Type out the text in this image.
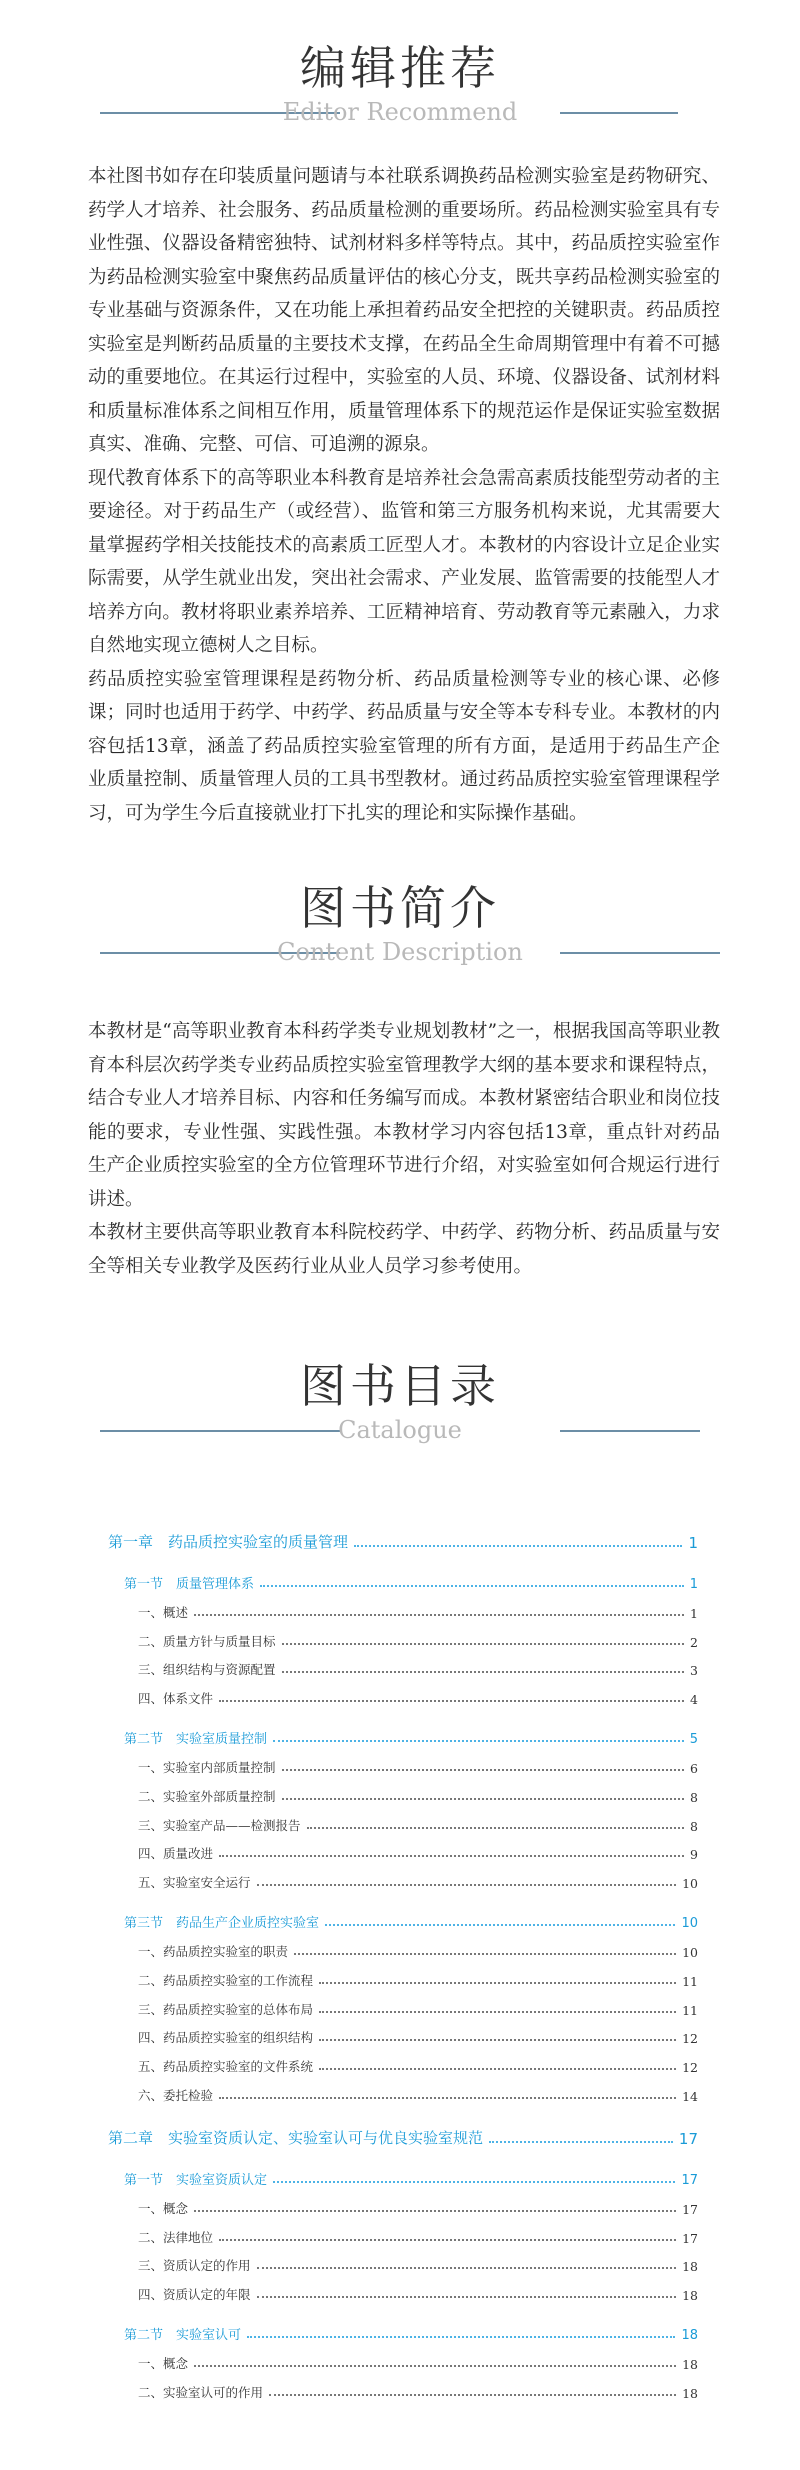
编辑推荐
Editor Recommend

本社图书如存在印装质量问题请与本社联系调换药品检测实验室是药物研究、药学人才培养、社会服务、药品质量检测的重要场所。药品检测实验室具有专业性强、仪器设备精密独特、试剂材料多样等特点。其中，药品质控实验室作为药品检测实验室中聚焦药品质量评估的核心分支，既共享药品检测实验室的专业基础与资源条件，又在功能上承担着药品安全把控的关键职责。药品质控实验室是判断药品质量的主要技术支撑，在药品全生命周期管理中有着不可撼动的重要地位。在其运行过程中，实验室的人员、环境、仪器设备、试剂材料和质量标准体系之间相互作用，质量管理体系下的规范运作是保证实验室数据真实、准确、完整、可信、可追溯的源泉。

现代教育体系下的高等职业本科教育是培养社会急需高素质技能型劳动者的主要途径。对于药品生产（或经营）、监管和第三方服务机构来说，尤其需要大量掌握药学相关技能技术的高素质工匠型人才。本教材的内容设计立足企业实际需要，从学生就业出发，突出社会需求、产业发展、监管需要的技能型人才培养方向。教材将职业素养培养、工匠精神培育、劳动教育等元素融入，力求自然地实现立德树人之目标。

药品质控实验室管理课程是药物分析、药品质量检测等专业的核心课、必修课；同时也适用于药学、中药学、药品质量与安全等本专科专业。本教材的内容包括13章，涵盖了药品质控实验室管理的所有方面，是适用于药品生产企业质量控制、质量管理人员的工具书型教材。通过药品质控实验室管理课程学习，可为学生今后直接就业打下扎实的理论和实际操作基础。

图书简介
Content Description

本教材是“高等职业教育本科药学类专业规划教材”之一，根据我国高等职业教育本科层次药学类专业药品质控实验室管理教学大纲的基本要求和课程特点，结合专业人才培养目标、内容和任务编写而成。本教材紧密结合职业和岗位技能的要求，专业性强、实践性强。本教材学习内容包括13章，重点针对药品生产企业质控实验室的全方位管理环节进行介绍，对实验室如何合规运行进行讲述。

本教材主要供高等职业教育本科院校药学、中药学、药物分析、药品质量与安全等相关专业教学及医药行业从业人员学习参考使用。

图书目录
Catalogue
第一章　药品质控实验室的质量管理	1
第一节　质量管理体系	1
一、概述	1
二、质量方针与质量目标	2
三、组织结构与资源配置	3
四、体系文件	4
第二节　实验室质量控制	5
一、实验室内部质量控制	6
二、实验室外部质量控制	8
三、实验室产品——检测报告	8
四、质量改进	9
五、实验室安全运行	10
第三节　药品生产企业质控实验室	10
一、药品质控实验室的职责	10
二、药品质控实验室的工作流程	11
三、药品质控实验室的总体布局	11
四、药品质控实验室的组织结构	12
五、药品质控实验室的文件系统	12
六、委托检验	14
第二章　实验室资质认定、实验室认可与优良实验室规范	17
第一节　实验室资质认定	17
一、概念	17
二、法律地位	17
三、资质认定的作用	18
四、资质认定的年限	18
第二节　实验室认可	18
一、概念	18
二、实验室认可的作用	18
